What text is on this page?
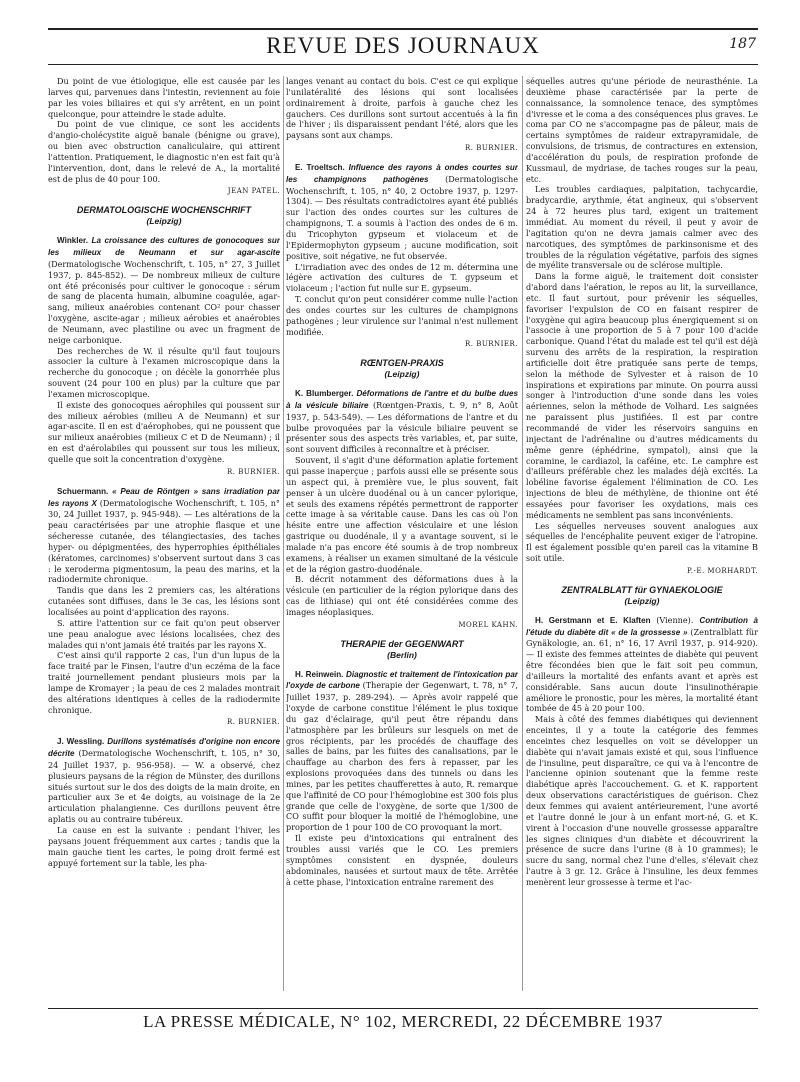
REVUE DES JOURNAUX	187

Du point de vue étiologique, elle est causée par les larves qui, parvenues dans l'intestin, reviennent au foie par les voies biliaires et qui s'y arrêtent, en un point quelconque, pour atteindre le stade adulte.

Du point de vue clinique, ce sont les accidents d'angio-cholécystite aiguë banale (bénigne ou grave), ou bien avec obstruction canaliculaire, qui attirent l'attention. Pratiquement, le diagnostic n'en est fait qu'à l'intervention, dont, dans le relevé de A., la mortalité est de plus de 40 pour 100.

JEAN PATEL.

DERMATOLOGISCHE WOCHENSCHRIFT
(Leipzig)

Winkler. La croissance des cultures de gonocoques sur les milieux de Neumann et sur agar-ascite (Dermatologische Wochenschrift, t. 105, n° 27, 3 Juillet 1937, p. 845-852). — De nombreux milieux de culture ont été préconisés pour cultiver le gonocoque : sérum de sang de placenta humain, albumine coagulée, agar-sang, milieux anaérobies contenant CO² pour chasser l'oxygène, ascite-agar ; milieux aérobies et anaérobies de Neumann, avec plastiline ou avec un fragment de neige carbonique.

Des recherches de W. il résulte qu'il faut toujours associer la culture à l'examen microscopique dans la recherche du gonocoque ; on décèle la gonorrhée plus souvent (24 pour 100 en plus) par la culture que par l'examen microscopique.

Il existe des gonocoques aérophiles qui poussent sur des milieux aérobies (milieu A de Neumann) et sur agar-ascite. Il en est d'aérophobes, qui ne poussent que sur milieux anaérobies (milieux C et D de Neumann) ; il en est d'aérolabiles qui poussent sur tous les milieux, quelle que soit la concentration d'oxygène.

R. BURNIER.

Schuermann. « Peau de Röntgen » sans irradiation par les rayons X (Dermatologische Wochenschrift, t. 105, n° 30, 24 Juillet 1937, p. 945-948). — Les altérations de la peau caractérisées par une atrophie flasque et une sécheresse cutanée, des télangiectasies, des taches hyper- ou dépigmentées, des hyperrophies épithéliales (kératomes, carcinomes) s'observent surtout dans 3 cas : le xeroderma pigmentosum, la peau des marins, et la radiodermite chronique.

Tandis que dans les 2 premiers cas, les altérations cutanées sont diffuses, dans le 3e cas, les lésions sont localisées au point d'application des rayons.

S. attire l'attention sur ce fait qu'on peut observer une peau analogue avec lésions localisées, chez des malades qui n'ont jamais été traités par les rayons X.

C'est ainsi qu'il rapporte 2 cas, l'un d'un lupus de la face traité par le Finsen, l'autre d'un eczéma de la face traité journellement pendant plusieurs mois par la lampe de Kromayer ; la peau de ces 2 malades montrait des altérations identiques à celles de la radiodermite chronique.

R. BURNIER.

J. Wessling. Durillons systématisés d'origine non encore décrite (Dermatologische Wochenschrift, t. 105, n° 30, 24 Juillet 1937, p. 956-958). — W. a observé, chez plusieurs paysans de la région de Münster, des durillons situés surtout sur le dos des doigts de la main droite, en particulier aux 3e et 4e doigts, au voisinage de la 2e articulation phalangienne. Ces durillons peuvent être aplatis ou au contraire tubéreux.

La cause en est la suivante : pendant l'hiver, les paysans jouent fréquemment aux cartes ; tandis que la main gauche tient les cartes, le poing droit fermé est appuyé fortement sur la table, les pha-

langes venant au contact du bois. C'est ce qui explique l'unilatéralité des lésions qui sont localisées ordinairement à droite, parfois à gauche chez les gauchers. Ces durillons sont surtout accentués à la fin de l'hiver ; ils disparaissent pendant l'été, alors que les paysans sont aux champs.

R. BURNIER.

E. Troeltsch. Influence des rayons à ondes courtes sur les champignons pathogènes (Dermatologische Wochenschrift, t. 105, n° 40, 2 Octobre 1937, p. 1297-1304). — Des résultats contradictoires ayant été publiés sur l'action des ondes courtes sur les cultures de champignons, T. a soumis à l'action des ondes de 6 m. du Tricophyton gypseum et violaceum et de l'Epidermophyton gypseum ; aucune modification, soit positive, soit négative, ne fut observée.

L'irradiation avec des ondes de 12 m. détermina une légère activation des cultures de T. gypseum et violaceum ; l'action fut nulle sur E. gypseum.

T. conclut qu'on peut considérer comme nulle l'action des ondes courtes sur les cultures de champignons pathogènes ; leur virulence sur l'animal n'est nullement modifiée.

R. BURNIER.

RŒNTGEN-PRAXIS
(Leipzig)

K. Blumberger. Déformations de l'antre et du bulbe dues à la vésicule biliaire (Rœntgen-Praxis, t. 9, n° 8, Août 1937, p. 543-549). — Les déformations de l'antre et du bulbe provoquées par la vésicule biliaire peuvent se présenter sous des aspects très variables, et, par suite, sont souvent difficiles à reconnaître et à préciser.

Souvent, il s'agit d'une déformation aplatie fortement qui passe inaperçue ; parfois aussi elle se présente sous un aspect qui, à première vue, le plus souvent, fait penser à un ulcère duodénal ou à un cancer pylorique, et seuls des examens répétés permettront de rapporter cette image à sa véritable cause. Dans les cas où l'on hésite entre une affection vésiculaire et une lésion gastrique ou duodénale, il y a avantage souvent, si le malade n'a pas encore été soumis à de trop nombreux examens, à réaliser un examen simultané de la vésicule et de la région gastro-duodénale.

B. décrit notamment des déformations dues à la vésicule (en particulier de la région pylorique dans des cas de lithiase) qui ont été considérées comme des images néoplasiques.

MOREL KAHN.

THERAPIE der GEGENWART
(Berlin)

H. Reinwein. Diagnostic et traitement de l'intoxication par l'oxyde de carbone (Therapie der Gegenwart, t. 78, n° 7, Juillet 1937, p. 289-294). — Après avoir rappelé que l'oxyde de carbone constitue l'élément le plus toxique du gaz d'éclairage, qu'il peut être répandu dans l'atmosphère par les brûleurs sur lesquels on met de gros récipients, par les procédés de chauffage des salles de bains, par les fuites des canalisations, par le chauffage au charbon des fers à repasser, par les explosions provoquées dans des tunnels ou dans les mines, par les petites chaufferettes à auto, R. remarque que l'affinité de CO pour l'hémoglobine est 300 fois plus grande que celle de l'oxygène, de sorte que 1/300 de CO suffit pour bloquer la moitié de l'hémoglobine, une proportion de 1 pour 100 de CO provoquant la mort.

Il existe peu d'intoxications qui entraînent des troubles aussi variés que le CO. Les premiers symptômes consistent en dyspnée, douleurs abdominales, nausées et surtout maux de tête. Arrêtée à cette phase, l'intoxication entraîne rarement des

séquelles autres qu'une période de neurasthénie. La deuxième phase caractérisée par la perte de connaissance, la somnolence tenace, des symptômes d'ivresse et le coma a des conséquences plus graves. Le coma par CO ne s'accompagne pas de pâleur, mais de certains symptômes de raideur extrapyramidale, de convulsions, de trismus, de contractures en extension, d'accélération du pouls, de respiration profonde de Kussmaul, de mydriase, de taches rouges sur la peau, etc.

Les troubles cardiaques, palpitation, tachycardie, bradycardie, arythmie, état angineux, qui s'observent 24 à 72 heures plus tard, exigent un traitement immédiat. Au moment du réveil, il peut y avoir de l'agitation qu'on ne devra jamais calmer avec des narcotiques, des symptômes de parkinsonisme et des troubles de la régulation végétative, parfois des signes de myélite transversale ou de sclérose multiple.

Dans la forme aiguë, le traitement doit consister d'abord dans l'aération, le repos au lit, la surveillance, etc. Il faut surtout, pour prévenir les séquelles, favoriser l'expulsion de CO en faisant respirer de l'oxygène qui agira beaucoup plus énergiquement si on l'associe à une proportion de 5 à 7 pour 100 d'acide carbonique. Quand l'état du malade est tel qu'il est déjà survenu des arrêts de la respiration, la respiration artificielle doit être pratiquée sans perte de temps, selon la méthode de Sylvester et à raison de 10 inspirations et expirations par minute. On pourra aussi songer à l'introduction d'une sonde dans les voies aériennes, selon la méthode de Volhard. Les saignées ne paraissent plus justifiées. Il est par contre recommandé de vider les réservoirs sanguins en injectant de l'adrénaline ou d'autres médicaments du même genre (éphédrine, sympatol), ainsi que la coramine, le cardiazol, la caféine, etc. Le camphre est d'ailleurs préférable chez les malades déjà excités. La lobéline favorise également l'élimination de CO. Les injections de bleu de méthylène, de thionine ont été essayées pour favoriser les oxydations, mais ces médicaments ne semblent pas sans inconvénients.

Les séquelles nerveuses souvent analogues aux séquelles de l'encéphalite peuvent exiger de l'atropine. Il est également possible qu'en pareil cas la vitamine B soit utile.

P.-E. MORHARDT.

ZENTRALBLATT für GYNAEKOLOGIE
(Leipzig)

H. Gerstmann et E. Klaften (Vienne). Contribution à l'étude du diabète dit « de la grossesse » (Zentralblatt für Gynäkologie, an. 61, n° 16, 17 Avril 1937, p. 914-920). — Il existe des femmes atteintes de diabète qui peuvent être fécondées bien que le fait soit peu commun, d'ailleurs la mortalité des enfants avant et après est considérable. Sans aucun doute l'insulinothérapie améliore le pronostic, pour les mères, la mortalité étant tombée de 45 à 20 pour 100.

Mais à côté des femmes diabétiques qui deviennent enceintes, il y a toute la catégorie des femmes enceintes chez lesquelles on voit se développer un diabète qui n'avait jamais existé et qui, sous l'influence de l'insuline, peut disparaître, ce qui va à l'encontre de l'ancienne opinion soutenant que la femme reste diabétique après l'accouchement. G. et K. rapportent deux observations caractéristiques de guérison. Chez deux femmes qui avaient antérieurement, l'une avorté et l'autre donné le jour à un enfant mort-né, G. et K. virent à l'occasion d'une nouvelle grossesse apparaître les signes cliniques d'un diabète et découvrirent la présence de sucre dans l'urine (8 à 10 grammes); le sucre du sang, normal chez l'une d'elles, s'élevait chez l'autre à 3 gr. 12. Grâce à l'insuline, les deux femmes menèrent leur grossesse à terme et l'ac-

LA PRESSE MÉDICALE, N° 102, MERCREDI, 22 DÉCEMBRE 1937
